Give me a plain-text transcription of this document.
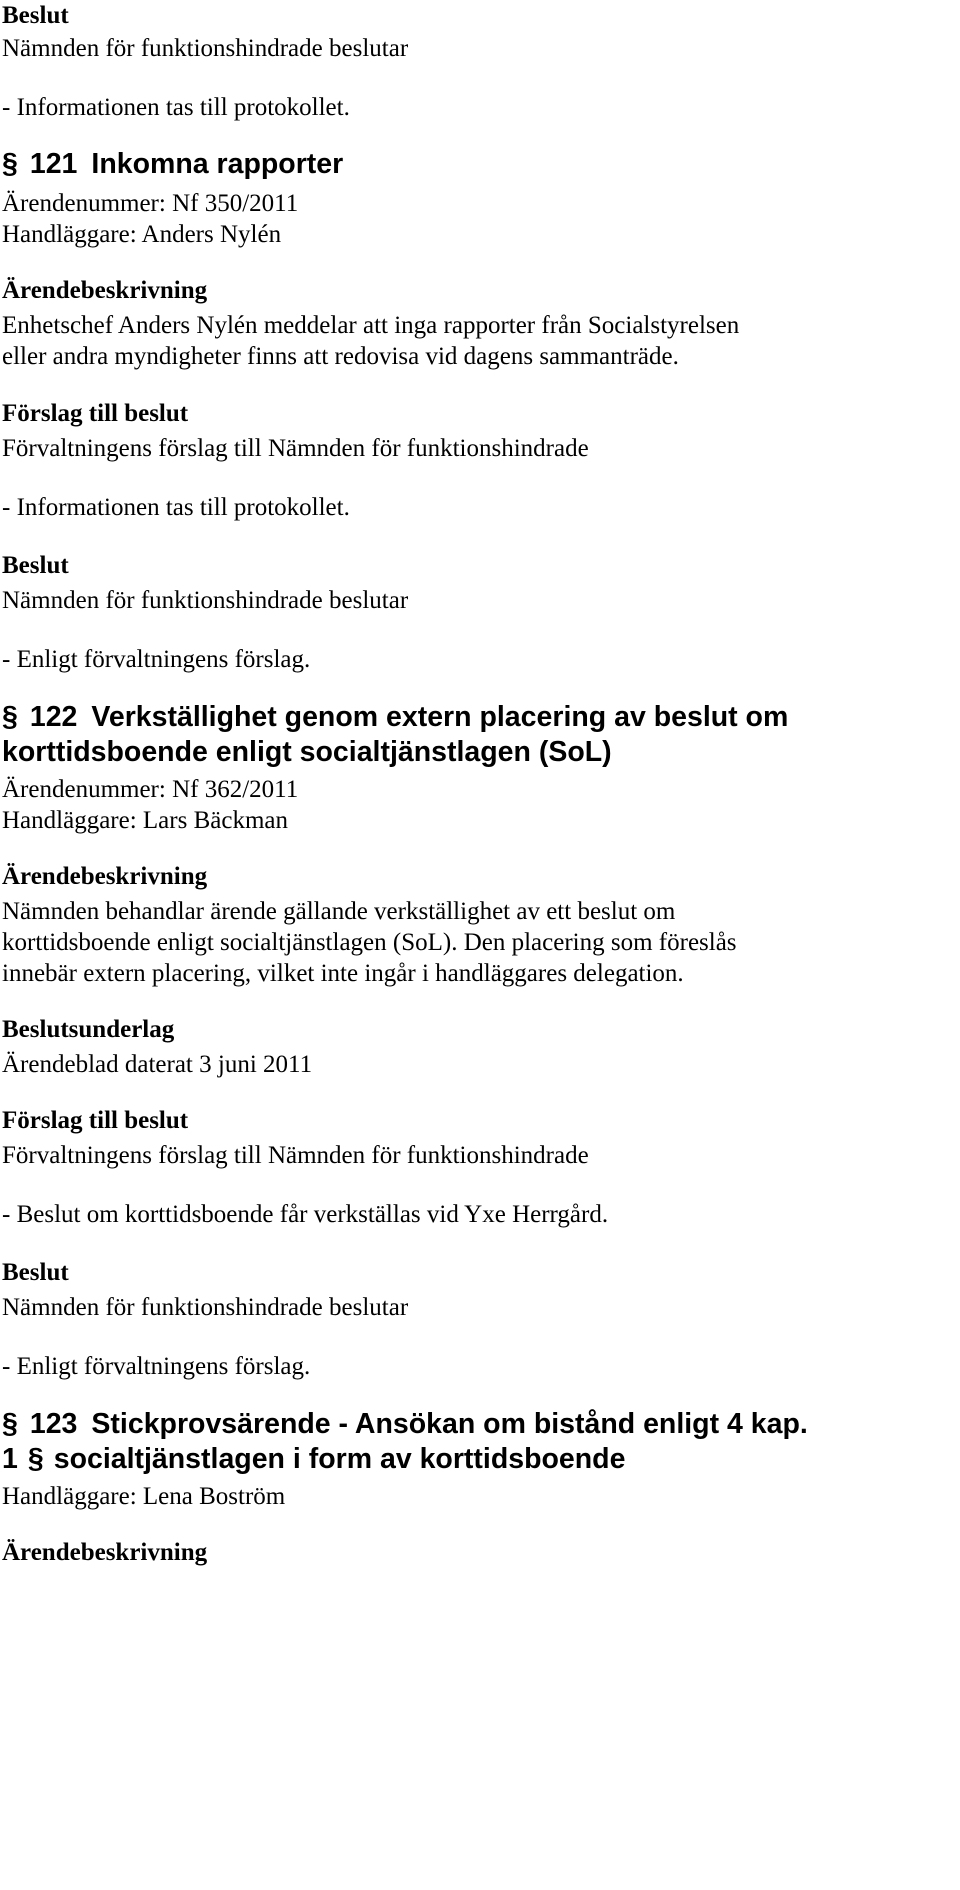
Beslut
Nämnden för funktionshindrade beslutar
- Informationen tas till protokollet.
§ 121 Inkomna rapporter
Ärendenummer: Nf 350/2011
Handläggare: Anders Nylén
Ärendebeskrivning
Enhetschef Anders Nylén meddelar att inga rapporter från Socialstyrelsen
eller andra myndigheter finns att redovisa vid dagens sammanträde.
Förslag till beslut
Förvaltningens förslag till Nämnden för funktionshindrade
- Informationen tas till protokollet.
Beslut
Nämnden för funktionshindrade beslutar
- Enligt förvaltningens förslag.
§ 122 Verkställighet genom extern placering av beslut om
korttidsboende enligt socialtjänstlagen (SoL)
Ärendenummer: Nf 362/2011
Handläggare: Lars Bäckman
Ärendebeskrivning
Nämnden behandlar ärende gällande verkställighet av ett beslut om
korttidsboende enligt socialtjänstlagen (SoL). Den placering som föreslås
innebär extern placering, vilket inte ingår i handläggares delegation.
Beslutsunderlag
Ärendeblad daterat 3 juni 2011
Förslag till beslut
Förvaltningens förslag till Nämnden för funktionshindrade
- Beslut om korttidsboende får verkställas vid Yxe Herrgård.
Beslut
Nämnden för funktionshindrade beslutar
- Enligt förvaltningens förslag.
§ 123 Stickprovsärende - Ansökan om bistånd enligt 4 kap.
1 § socialtjänstlagen i form av korttidsboende
Handläggare: Lena Boström
Ärendebeskrivning
